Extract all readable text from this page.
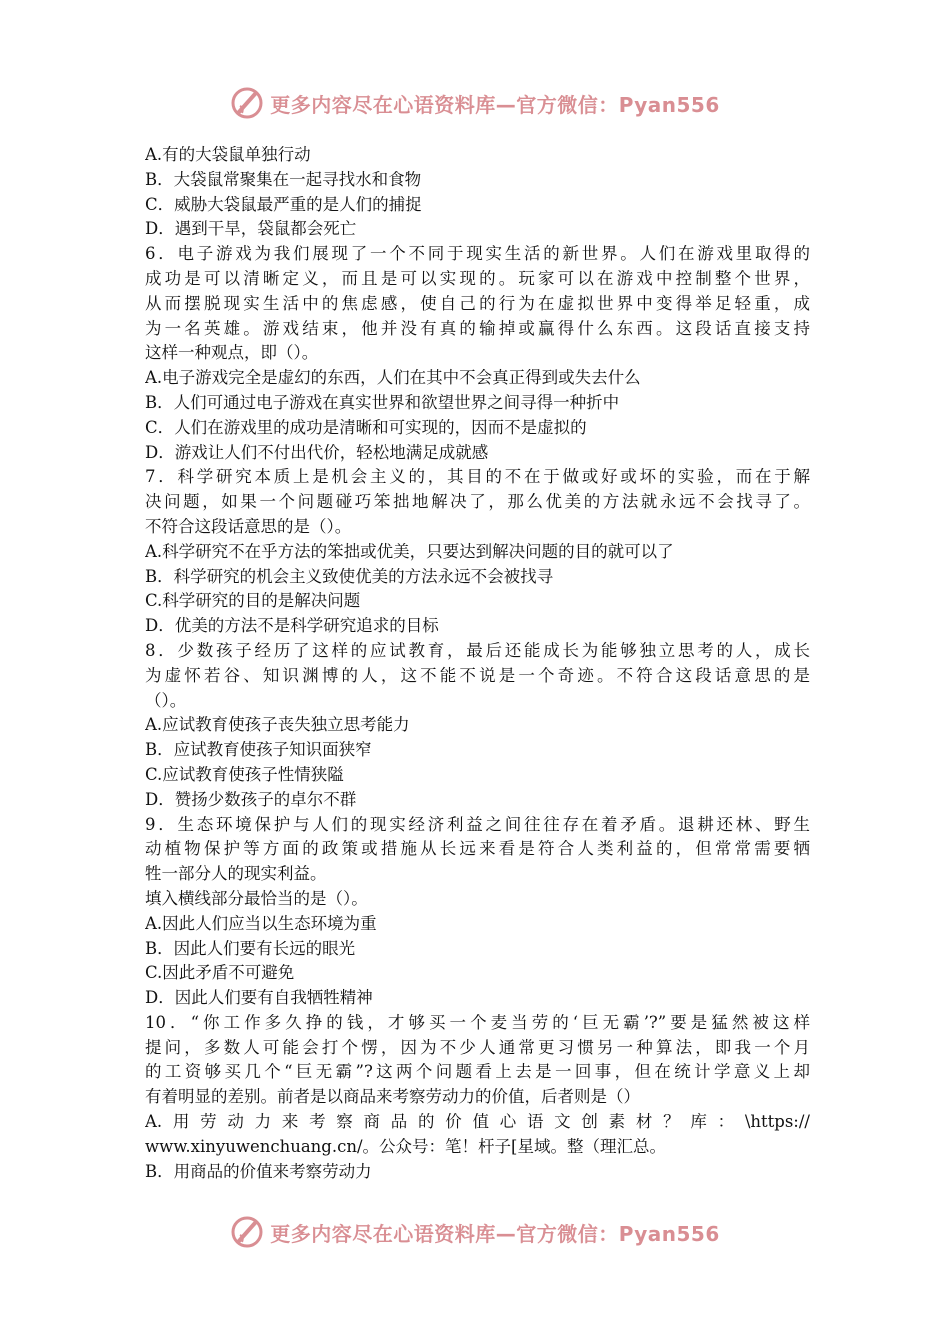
更多内容尽在心语资料库—官方微信：Pyan556
A.有的大袋鼠单独行动
B．大袋鼠常聚集在一起寻找水和食物
C．威胁大袋鼠最严重的是人们的捕捉
D．遇到干旱，袋鼠都会死亡
6．电子游戏为我们展现了一个不同于现实生活的新世界。人们在游戏里取得的
成功是可以清晰定义，而且是可以实现的。玩家可以在游戏中控制整个世界，
从而摆脱现实生活中的焦虑感，使自己的行为在虚拟世界中变得举足轻重，成
为一名英雄。游戏结束，他并没有真的输掉或赢得什么东西。这段话直接支持
这样一种观点，即（）。
A.电子游戏完全是虚幻的东西，人们在其中不会真正得到或失去什么
B．人们可通过电子游戏在真实世界和欲望世界之间寻得一种折中
C．人们在游戏里的成功是清晰和可实现的，因而不是虚拟的
D．游戏让人们不付出代价，轻松地满足成就感
7．科学研究本质上是机会主义的，其目的不在于做或好或坏的实验，而在于解
决问题，如果一个问题碰巧笨拙地解决了，那么优美的方法就永远不会找寻了。
不符合这段话意思的是（）。
A.科学研究不在乎方法的笨拙或优美，只要达到解决问题的目的就可以了
B．科学研究的机会主义致使优美的方法永远不会被找寻
C.科学研究的目的是解决问题
D．优美的方法不是科学研究追求的目标
8．少数孩子经历了这样的应试教育，最后还能成长为能够独立思考的人，成长
为虚怀若谷、知识渊博的人，这不能不说是一个奇迹。不符合这段话意思的是
（）。
A.应试教育使孩子丧失独立思考能力
B．应试教育使孩子知识面狭窄
C.应试教育使孩子性情狭隘
D．赞扬少数孩子的卓尔不群
9．生态环境保护与人们的现实经济利益之间往往存在着矛盾。退耕还林、野生
动植物保护等方面的政策或措施从长远来看是符合人类利益的，但常常需要牺
牲一部分人的现实利益。
填入横线部分最恰当的是（）。
A.因此人们应当以生态环境为重
B．因此人们要有长远的眼光
C.因此矛盾不可避免
D．因此人们要有自我牺牲精神
10．“你工作多久挣的钱，才够买一个麦当劳的‘巨无霸’?”要是猛然被这样
提问，多数人可能会打个愣，因为不少人通常更习惯另一种算法，即我一个月
的工资够买几个“巨无霸”?这两个问题看上去是一回事，但在统计学意义上却
有着明显的差别。前者是以商品来考察劳动力的价值，后者则是（）
A.用劳动力来考察商品的价值心语文创素材？库：\https://
www.xinyuwenchuang.cn/。公众号：笔！杆子[星域。整（理汇总。
B．用商品的价值来考察劳动力
更多内容尽在心语资料库—官方微信：Pyan556
